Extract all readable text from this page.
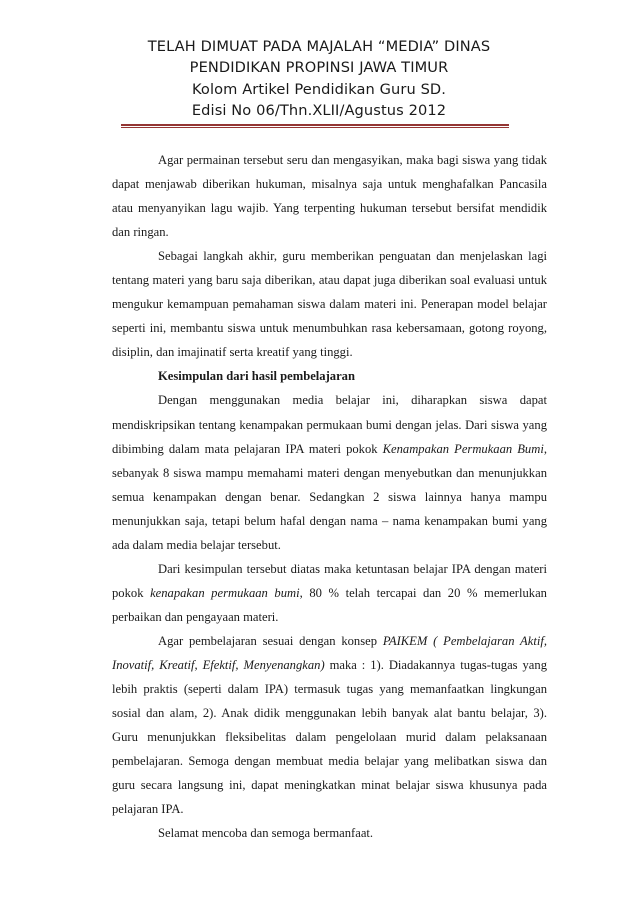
TELAH DIMUAT PADA MAJALAH “MEDIA” DINAS
PENDIDIKAN PROPINSI JAWA TIMUR
Kolom Artikel Pendidikan Guru SD.
Edisi No 06/Thn.XLII/Agustus 2012

Agar permainan tersebut seru dan mengasyikan, maka bagi siswa yang tidak dapat menjawab diberikan hukuman, misalnya saja untuk menghafalkan Pancasila atau menyanyikan lagu wajib. Yang terpenting hukuman tersebut bersifat mendidik dan ringan.

Sebagai langkah akhir, guru memberikan penguatan dan menjelaskan lagi tentang materi yang baru saja diberikan, atau dapat juga diberikan soal evaluasi untuk mengukur kemampuan pemahaman siswa dalam materi ini. Penerapan model belajar seperti ini, membantu siswa untuk menumbuhkan rasa kebersamaan, gotong royong, disiplin, dan imajinatif serta kreatif yang tinggi.

Kesimpulan dari hasil pembelajaran

Dengan menggunakan media belajar ini, diharapkan siswa dapat mendiskripsikan tentang kenampakan permukaan bumi dengan jelas. Dari siswa yang dibimbing dalam mata pelajaran IPA materi pokok Kenampakan Permukaan Bumi, sebanyak 8 siswa mampu memahami materi dengan menyebutkan dan menunjukkan semua kenampakan dengan benar. Sedangkan 2 siswa lainnya hanya mampu menunjukkan saja, tetapi belum hafal dengan nama – nama kenampakan bumi yang ada dalam media belajar tersebut.

Dari kesimpulan tersebut diatas maka ketuntasan belajar IPA dengan materi pokok kenapakan permukaan bumi, 80 % telah tercapai dan 20 % memerlukan perbaikan dan pengayaan materi.

Agar pembelajaran sesuai dengan konsep PAIKEM ( Pembelajaran Aktif, Inovatif, Kreatif, Efektif, Menyenangkan) maka : 1). Diadakannya tugas-tugas yang lebih praktis (seperti dalam IPA) termasuk tugas yang memanfaatkan lingkungan sosial dan alam, 2). Anak didik menggunakan lebih banyak alat bantu belajar, 3). Guru menunjukkan fleksibelitas dalam pengelolaan murid dalam pelaksanaan pembelajaran. Semoga dengan membuat media belajar yang melibatkan siswa dan guru secara langsung ini, dapat meningkatkan minat belajar siswa khusunya pada pelajaran IPA.

Selamat mencoba dan semoga bermanfaat.
